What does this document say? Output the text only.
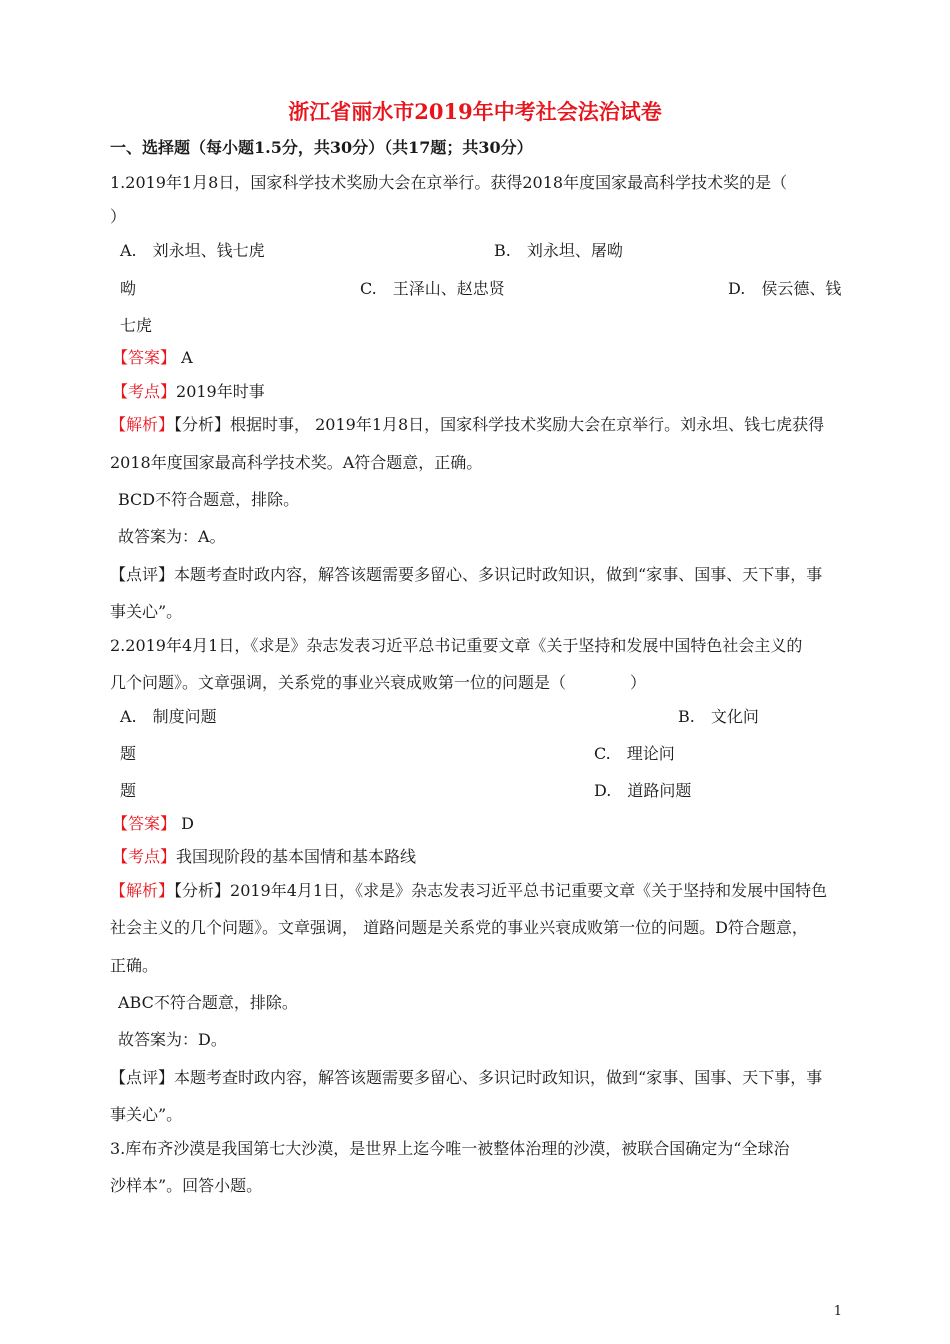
浙江省丽水市2019年中考社会法治试卷
一、选择题（每小题1.5分，共30分）（共17题；共30分）
1.2019年1月8日，国家科学技术奖励大会在京举行。获得2018年度国家最高科学技术奖的是（
）
A.　刘永坦、钱七虎	B.　刘永坦、屠呦
呦	C.　王泽山、赵忠贤	D.　侯云德、钱
七虎
【答案】 A
【考点】2019年时事
【解析】【分析】根据时事， 2019年1月8日，国家科学技术奖励大会在京举行。刘永坦、钱七虎获得
2018年度国家最高科学技术奖。A符合题意，正确。
BCD不符合题意，排除。
故答案为：A。
【点评】本题考查时政内容，解答该题需要多留心、多识记时政知识，做到“家事、国事、天下事，事
事关心”。
2.2019年4月1日，《求是》杂志发表习近平总书记重要文章《关于坚持和发展中国特色社会主义的
几个问题》。文章强调，关系党的事业兴衰成败第一位的问题是（　　　　）
A.　制度问题	B.　文化问
题	C.　理论问
题	D.　道路问题
【答案】 D
【考点】我国现阶段的基本国情和基本路线
【解析】【分析】2019年4月1日，《求是》杂志发表习近平总书记重要文章《关于坚持和发展中国特色
社会主义的几个问题》。文章强调， 道路问题是关系党的事业兴衰成败第一位的问题。D符合题意，
正确。
ABC不符合题意，排除。
故答案为：D。
【点评】本题考查时政内容，解答该题需要多留心、多识记时政知识，做到“家事、国事、天下事，事
事关心”。
3.库布齐沙漠是我国第七大沙漠，是世界上迄今唯一被整体治理的沙漠，被联合国确定为“全球治
沙样本”。回答小题。
1
